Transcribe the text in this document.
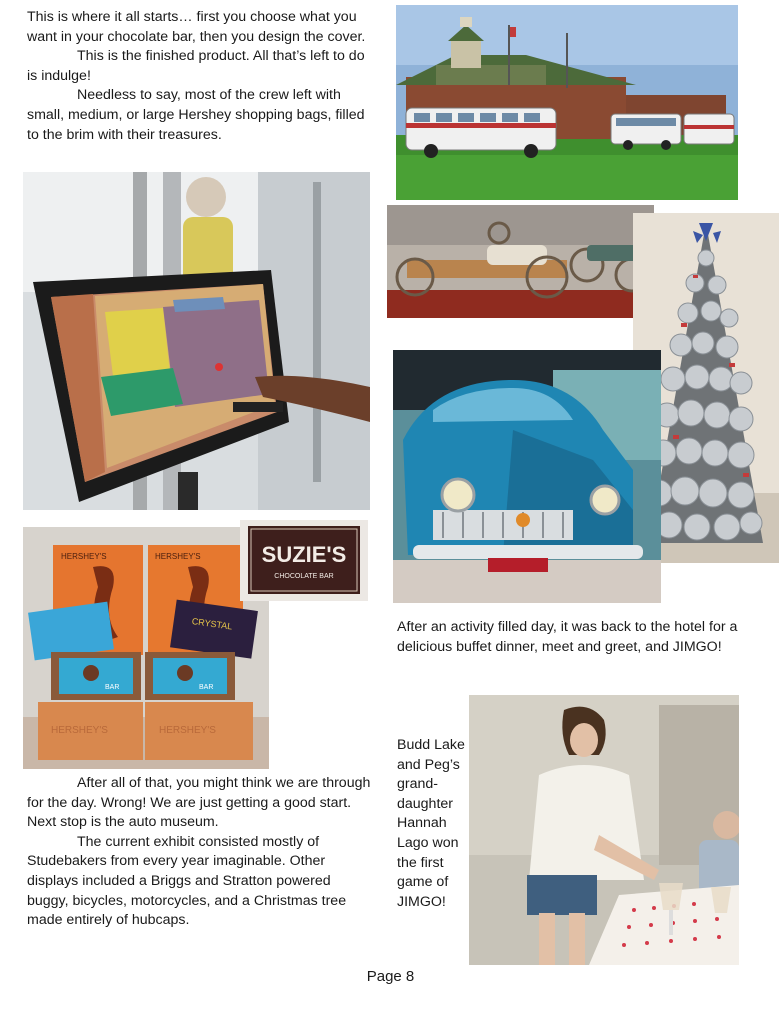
This is where it all starts… first you choose what you want in your chocolate bar, then you design the cover.

This is the finished product. All that’s left to do is indulge!

Needless to say, most of the crew left with small, medium, or large Hershey shopping bags, filled to the brim with their treasures.

After all of that, you might think we are through for the day. Wrong! We are just getting a good start. Next stop is the auto museum.

The current exhibit consisted mostly of Studebakers from every year imaginable. Other displays included a Briggs and Stratton powered buggy, bicycles, motorcycles, and a Christmas tree made entirely of hubcaps.

After an activity filled day, it was back to the hotel for a delicious buffet dinner, meet and greet, and JIMGO!

Budd Lake and Peg’s grand-daughter Hannah Lago won the first game of JIMGO!

HERSHEY'S	HERSHEY'S
CRYSTAL
BAR	BAR
HERSHEY'S	HERSHEY'S
SUZIE'S
CHOCOLATE BAR
Page 8
